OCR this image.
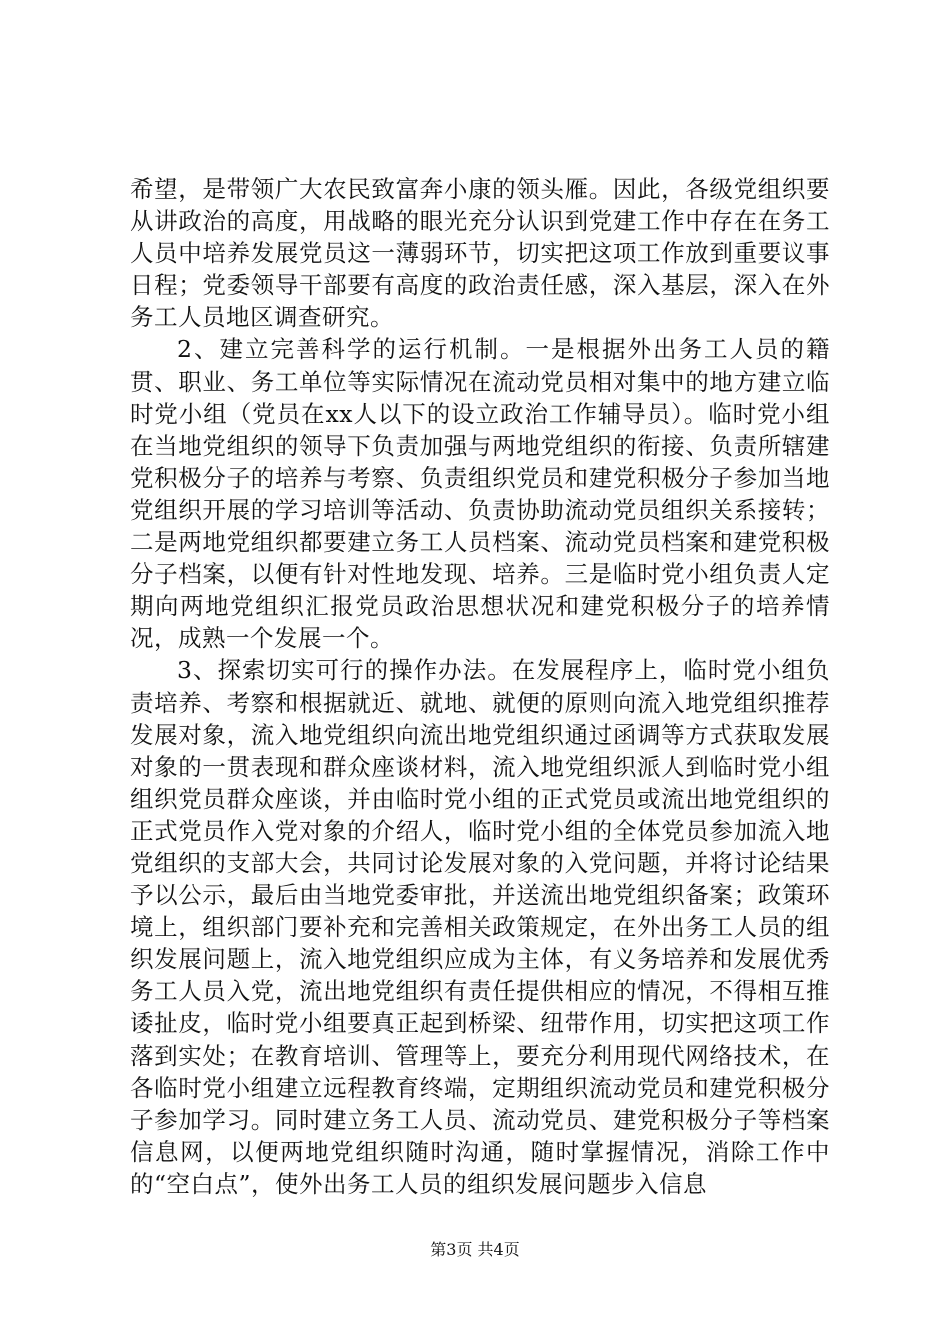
希望，是带领广大农民致富奔小康的领头雁。因此，各级党组织要从讲政治的高度，用战略的眼光充分认识到党建工作中存在在务工人员中培养发展党员这一薄弱环节，切实把这项工作放到重要议事日程；党委领导干部要有高度的政治责任感，深入基层，深入在外务工人员地区调查研究。

2、建立完善科学的运行机制。一是根据外出务工人员的籍贯、职业、务工单位等实际情况在流动党员相对集中的地方建立临时党小组（党员在xx人以下的设立政治工作辅导员）。临时党小组在当地党组织的领导下负责加强与两地党组织的衔接、负责所辖建党积极分子的培养与考察、负责组织党员和建党积极分子参加当地党组织开展的学习培训等活动、负责协助流动党员组织关系接转；二是两地党组织都要建立务工人员档案、流动党员档案和建党积极分子档案，以便有针对性地发现、培养。三是临时党小组负责人定期向两地党组织汇报党员政治思想状况和建党积极分子的培养情况，成熟一个发展一个。

3、探索切实可行的操作办法。在发展程序上，临时党小组负责培养、考察和根据就近、就地、就便的原则向流入地党组织推荐发展对象，流入地党组织向流出地党组织通过函调等方式获取发展对象的一贯表现和群众座谈材料，流入地党组织派人到临时党小组组织党员群众座谈，并由临时党小组的正式党员或流出地党组织的正式党员作入党对象的介绍人，临时党小组的全体党员参加流入地党组织的支部大会，共同讨论发展对象的入党问题，并将讨论结果予以公示，最后由当地党委审批，并送流出地党组织备案；政策环境上，组织部门要补充和完善相关政策规定，在外出务工人员的组织发展问题上，流入地党组织应成为主体，有义务培养和发展优秀务工人员入党，流出地党组织有责任提供相应的情况，不得相互推诿扯皮，临时党小组要真正起到桥梁、纽带作用，切实把这项工作落到实处；在教育培训、管理等上，要充分利用现代网络技术，在各临时党小组建立远程教育终端，定期组织流动党员和建党积极分子参加学习。同时建立务工人员、流动党员、建党积极分子等档案信息网，以便两地党组织随时沟通，随时掌握情况，消除工作中的“空白点”，使外出务工人员的组织发展问题步入信息

第3页 共4页
